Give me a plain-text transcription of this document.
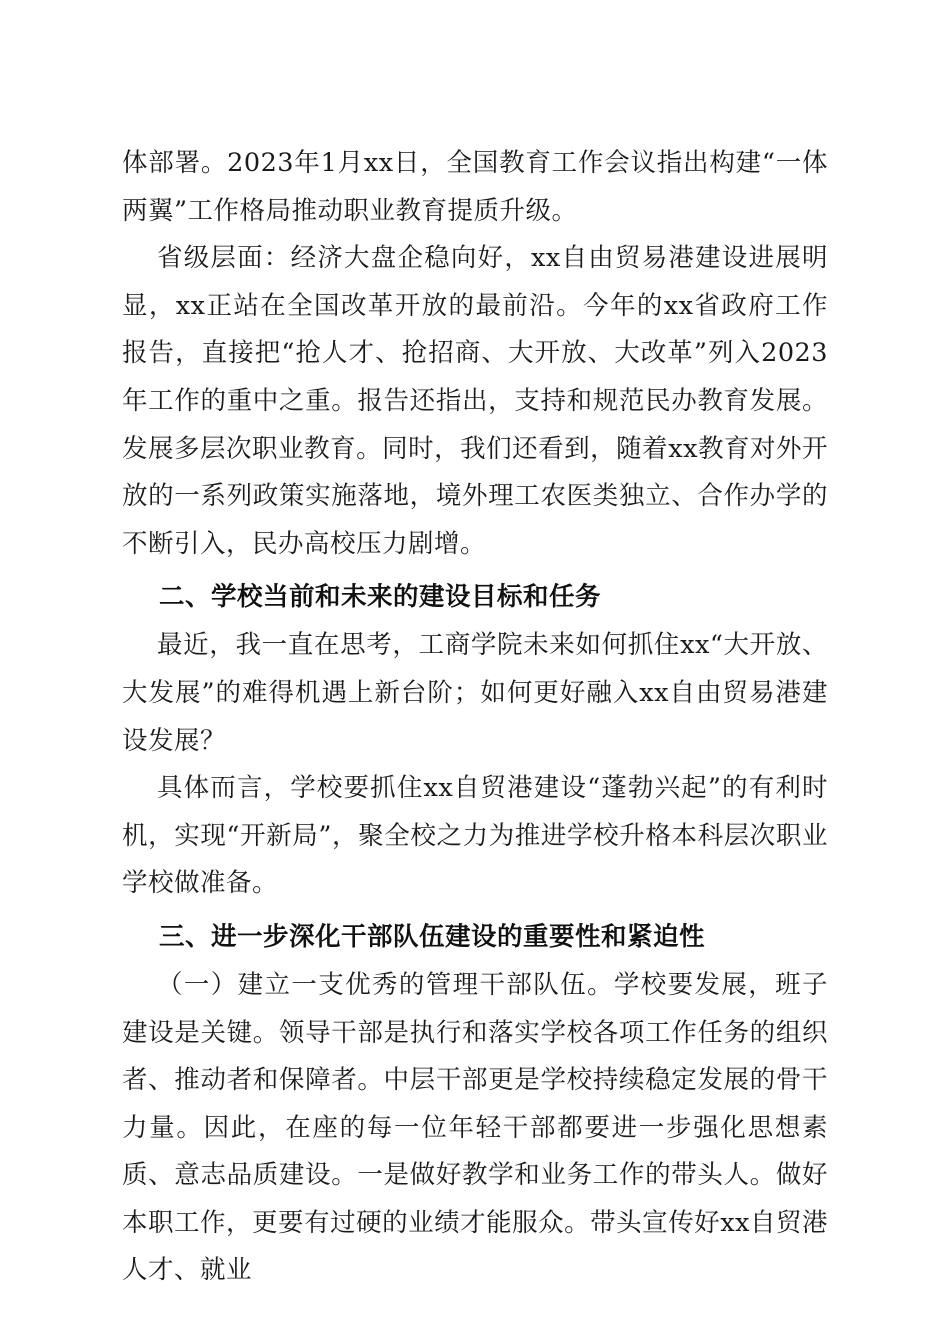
体部署。2023年1月xx日，全国教育工作会议指出构建“一体两翼”工作格局推动职业教育提质升级。

省级层面：经济大盘企稳向好，xx自由贸易港建设进展明显，xx正站在全国改革开放的最前沿。今年的xx省政府工作报告，直接把“抢人才、抢招商、大开放、大改革”列入2023年工作的重中之重。报告还指出，支持和规范民办教育发展。发展多层次职业教育。同时，我们还看到，随着xx教育对外开放的一系列政策实施落地，境外理工农医类独立、合作办学的不断引入，民办高校压力剧增。

二、学校当前和未来的建设目标和任务

最近，我一直在思考，工商学院未来如何抓住xx“大开放、大发展”的难得机遇上新台阶；如何更好融入xx自由贸易港建设发展？

具体而言，学校要抓住xx自贸港建设“蓬勃兴起”的有利时机，实现“开新局”，聚全校之力为推进学校升格本科层次职业学校做准备。

三、进一步深化干部队伍建设的重要性和紧迫性

（一）建立一支优秀的管理干部队伍。学校要发展，班子建设是关键。领导干部是执行和落实学校各项工作任务的组织者、推动者和保障者。中层干部更是学校持续稳定发展的骨干力量。因此，在座的每一位年轻干部都要进一步强化思想素质、意志品质建设。一是做好教学和业务工作的带头人。做好本职工作，更要有过硬的业绩才能服众。带头宣传好xx自贸港人才、就业
